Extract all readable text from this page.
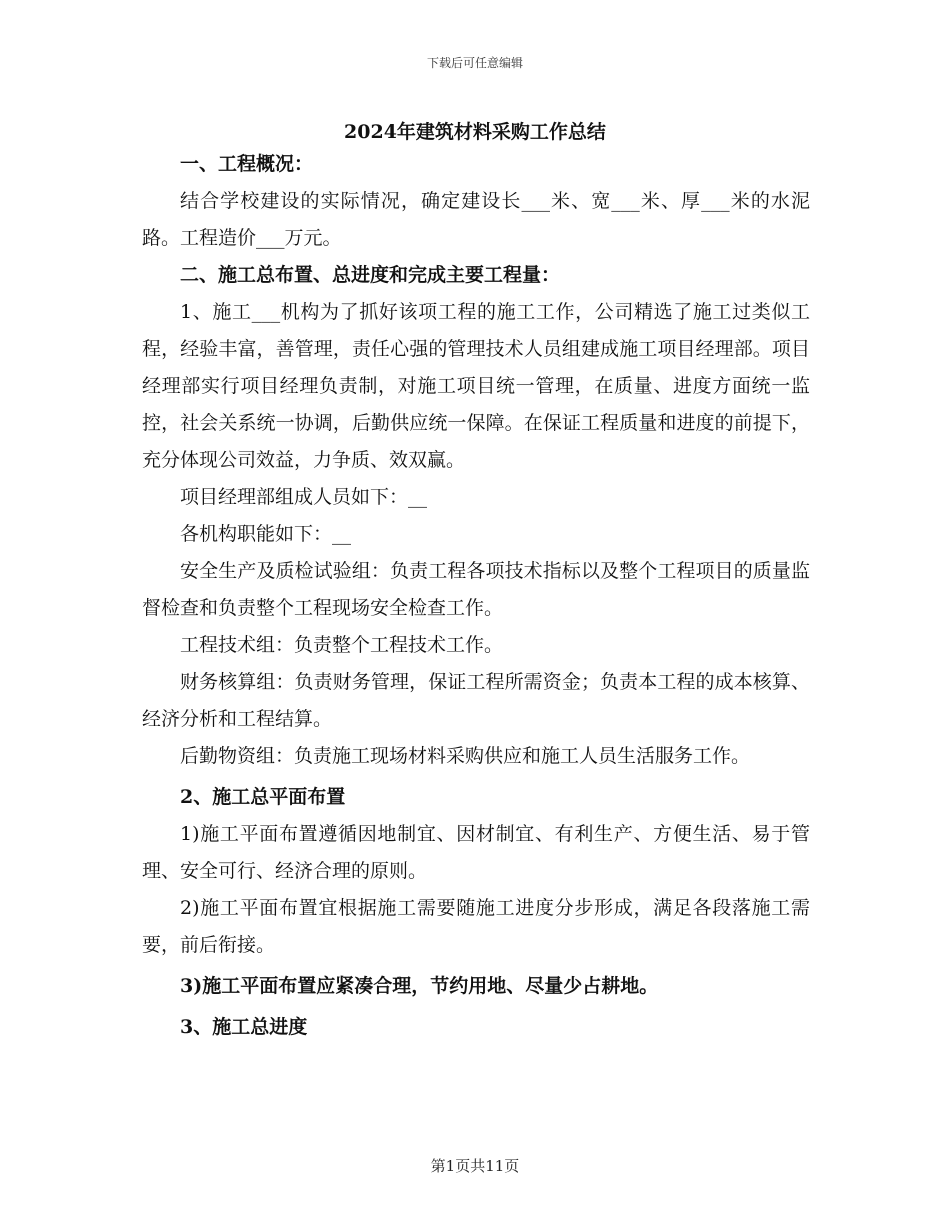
下载后可任意编辑
2024年建筑材料采购工作总结

一、工程概况：

结合学校建设的实际情况，确定建设长___米、宽___米、厚___米的水泥路。工程造价___万元。

二、施工总布置、总进度和完成主要工程量：

1、施工___机构为了抓好该项工程的施工工作，公司精选了施工过类似工程，经验丰富，善管理，责任心强的管理技术人员组建成施工项目经理部。项目经理部实行项目经理负责制，对施工项目统一管理，在质量、进度方面统一监控，社会关系统一协调，后勤供应统一保障。在保证工程质量和进度的前提下，充分体现公司效益，力争质、效双赢。

项目经理部组成人员如下：__

各机构职能如下：__

安全生产及质检试验组：负责工程各项技术指标以及整个工程项目的质量监督检查和负责整个工程现场安全检查工作。

工程技术组：负责整个工程技术工作。

财务核算组：负责财务管理，保证工程所需资金；负责本工程的成本核算、经济分析和工程结算。

后勤物资组：负责施工现场材料采购供应和施工人员生活服务工作。

2、施工总平面布置

1)施工平面布置遵循因地制宜、因材制宜、有利生产、方便生活、易于管理、安全可行、经济合理的原则。

2)施工平面布置宜根据施工需要随施工进度分步形成，满足各段落施工需要，前后衔接。

3)施工平面布置应紧凑合理，节约用地、尽量少占耕地。

3、施工总进度

第1页共11页
